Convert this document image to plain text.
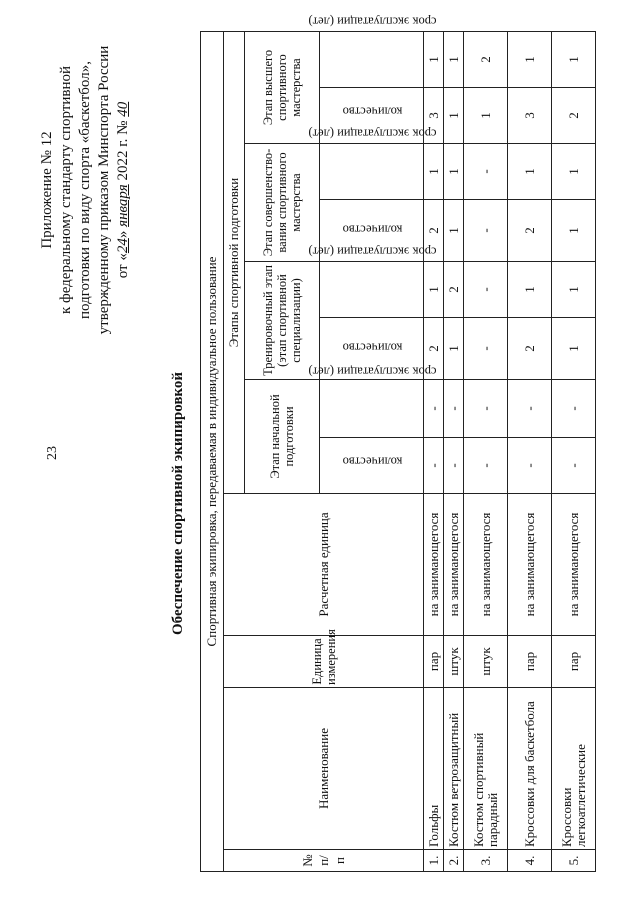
23
Приложение № 12 к федеральному стандарту спортивной подготовки по виду спорта «баскетбол», утвержденному приказом Минспорта России от «24» января 2022 г. № 40
Обеспечение спортивной экипировкой Спортивная экипировка, передаваемая в индивидуальное пользование											
№ п/п	Наименование	Единица измерения	Расчетная единица	Этапы спортивной подготовки							
				Этап начальной подготовки		Тренировочный этап (этап спортивной специализации)		Этап совершенство-вания спортивного мастерства		Этап высшего спортивного мастерства	
				количество	срок эксплуатации (лет)	количество	срок эксплуатации (лет)	количество	срок эксплуатации (лет)	количество	срок эксплуатации (лет)
1.	Гольфы	пар	на занимающегося	-	-	2	1	2	1	3	1
2.	Костюм ветрозащитный	штук	на занимающегося	-	-	1	2	1	1	1	1
3.	Костюм спортивный парадный	штук	на занимающегося	-	-	-	-	-	-	1	2
4.	Кроссовки для баскетбола	пар	на занимающегося	-	-	2	1	2	1	3	1
5.	Кроссовки легкоатлетические	пар	на занимающегося	-	-	1	1	1	1	2	1
